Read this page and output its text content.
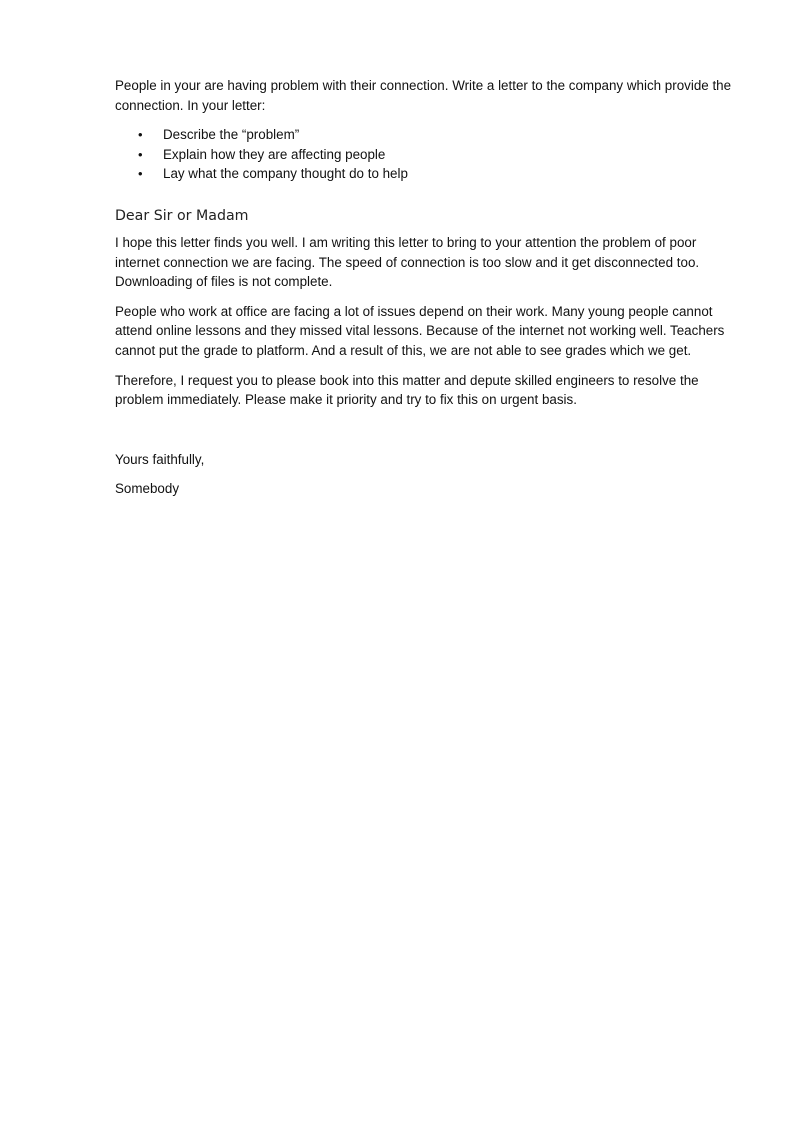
People in your are having problem with their connection. Write a letter to the company which provide the connection. In your letter:

• Describe the “problem”
• Explain how they are affecting people
• Lay what the company thought do to help

Dear Sir or Madam

I hope this letter finds you well. I am writing this letter to bring to your attention the problem of poor internet connection we are facing. The speed of connection is too slow and it get disconnected too. Downloading of files is not complete.

People who work at office are facing a lot of issues depend on their work. Many young people cannot attend online lessons and they missed vital lessons. Because of the internet not working well. Teachers cannot put the grade to platform. And a result of this, we are not able to see grades which we get.

Therefore, I request you to please book into this matter and depute skilled engineers to resolve the problem immediately. Please make it priority and try to fix this on urgent basis.

Yours faithfully,

Somebody
